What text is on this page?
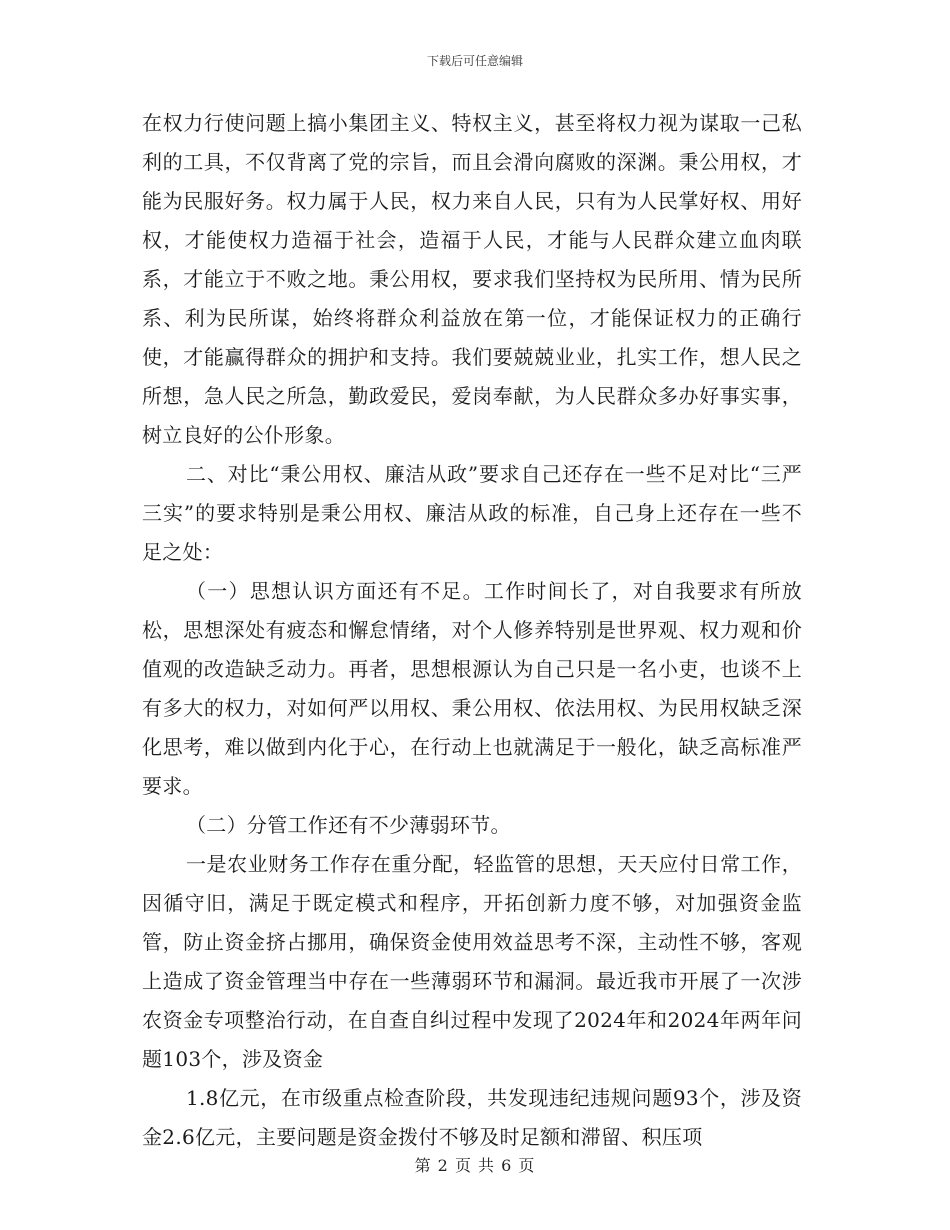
下载后可任意编辑

在权力行使问题上搞小集团主义、特权主义，甚至将权力视为谋取一己私利的工具，不仅背离了党的宗旨，而且会滑向腐败的深渊。秉公用权，才能为民服好务。权力属于人民，权力来自人民，只有为人民掌好权、用好权，才能使权力造福于社会，造福于人民，才能与人民群众建立血肉联系，才能立于不败之地。秉公用权，要求我们坚持权为民所用、情为民所系、利为民所谋，始终将群众利益放在第一位，才能保证权力的正确行使，才能赢得群众的拥护和支持。我们要兢兢业业，扎实工作，想人民之所想，急人民之所急，勤政爱民，爱岗奉献，为人民群众多办好事实事，树立良好的公仆形象。

二、对比“秉公用权、廉洁从政”要求自己还存在一些不足对比“三严三实”的要求特别是秉公用权、廉洁从政的标准，自己身上还存在一些不足之处：

（一）思想认识方面还有不足。工作时间长了，对自我要求有所放松，思想深处有疲态和懈怠情绪，对个人修养特别是世界观、权力观和价值观的改造缺乏动力。再者，思想根源认为自己只是一名小吏，也谈不上有多大的权力，对如何严以用权、秉公用权、依法用权、为民用权缺乏深化思考，难以做到内化于心，在行动上也就满足于一般化，缺乏高标准严要求。

（二）分管工作还有不少薄弱环节。

一是农业财务工作存在重分配，轻监管的思想，天天应付日常工作，因循守旧，满足于既定模式和程序，开拓创新力度不够，对加强资金监管，防止资金挤占挪用，确保资金使用效益思考不深，主动性不够，客观上造成了资金管理当中存在一些薄弱环节和漏洞。最近我市开展了一次涉农资金专项整治行动，在自查自纠过程中发现了2024年和2024年两年问题103个，涉及资金

1.8亿元，在市级重点检查阶段，共发现违纪违规问题93个，涉及资金2.6亿元，主要问题是资金拨付不够及时足额和滞留、积压项

第 2 页 共 6 页
